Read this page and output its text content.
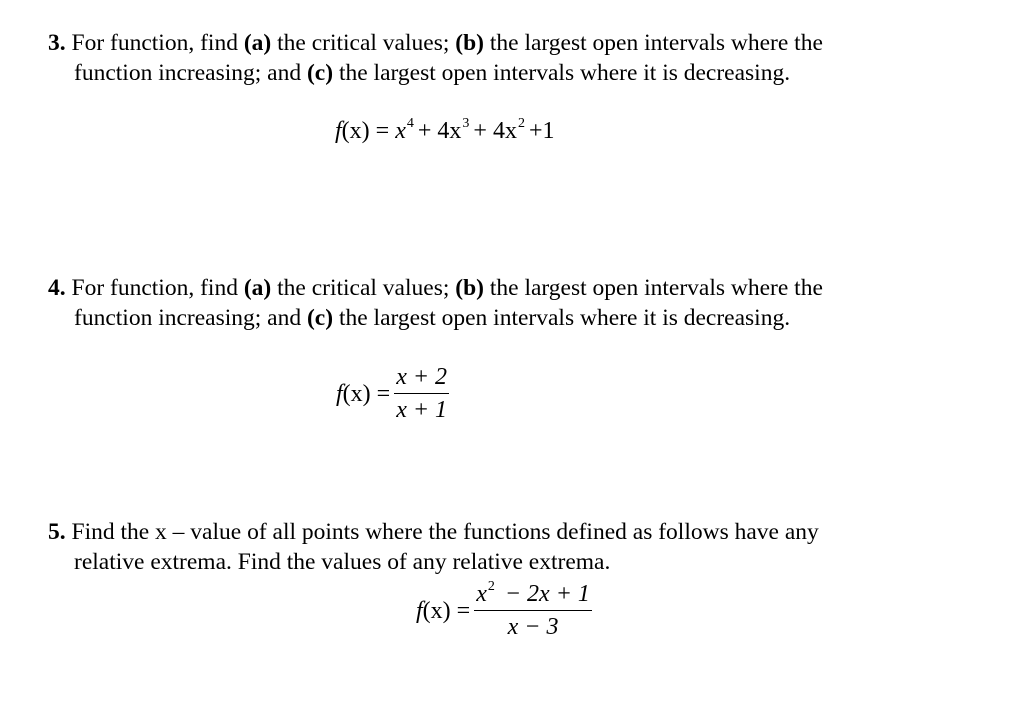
3. For function, find (a) the critical values; (b) the largest open intervals where the
function increasing; and (c) the largest open intervals where it is decreasing.
$f(x) = x^4 + 4x^3 + 4x^2 +1$
4. For function, find (a) the critical values; (b) the largest open intervals where the
function increasing; and (c) the largest open intervals where it is decreasing.
$f(x) = \frac{x + 2}{x + 1}$
5. Find the x – value of all points where the functions defined as follows have any
relative extrema. Find the values of any relative extrema.
$f(x) = \frac{x^2 - 2x + 1}{x - 3}$
